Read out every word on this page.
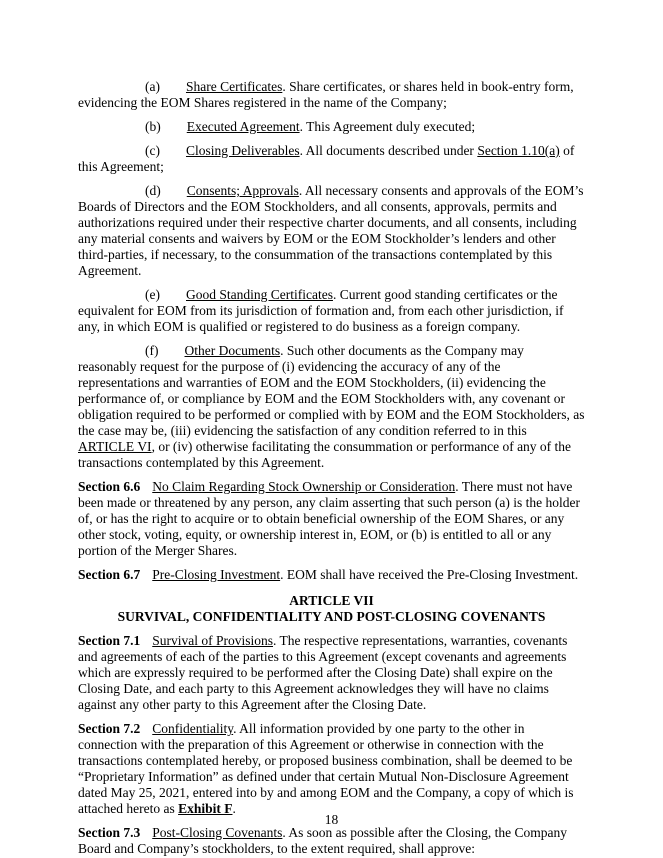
(a) Share Certificates. Share certificates, or shares held in book-entry form, evidencing the EOM Shares registered in the name of the Company;

(b) Executed Agreement. This Agreement duly executed;

(c) Closing Deliverables. All documents described under Section 1.10(a) of this Agreement;

(d) Consents; Approvals. All necessary consents and approvals of the EOM’s Boards of Directors and the EOM Stockholders, and all consents, approvals, permits and authorizations required under their respective charter documents, and all consents, including any material consents and waivers by EOM or the EOM Stockholder’s lenders and other third-parties, if necessary, to the consummation of the transactions contemplated by this Agreement.

(e) Good Standing Certificates. Current good standing certificates or the equivalent for EOM from its jurisdiction of formation and, from each other jurisdiction, if any, in which EOM is qualified or registered to do business as a foreign company.

(f) Other Documents. Such other documents as the Company may reasonably request for the purpose of (i) evidencing the accuracy of any of the representations and warranties of EOM and the EOM Stockholders, (ii) evidencing the performance of, or compliance by EOM and the EOM Stockholders with, any covenant or obligation required to be performed or complied with by EOM and the EOM Stockholders, as the case may be, (iii) evidencing the satisfaction of any condition referred to in this ARTICLE VI, or (iv) otherwise facilitating the consummation or performance of any of the transactions contemplated by this Agreement.

Section 6.6 No Claim Regarding Stock Ownership or Consideration. There must not have been made or threatened by any person, any claim asserting that such person (a) is the holder of, or has the right to acquire or to obtain beneficial ownership of the EOM Shares, or any other stock, voting, equity, or ownership interest in, EOM, or (b) is entitled to all or any portion of the Merger Shares.

Section 6.7 Pre-Closing Investment. EOM shall have received the Pre-Closing Investment.

ARTICLE VII
SURVIVAL, CONFIDENTIALITY AND POST-CLOSING COVENANTS

Section 7.1 Survival of Provisions. The respective representations, warranties, covenants and agreements of each of the parties to this Agreement (except covenants and agreements which are expressly required to be performed after the Closing Date) shall expire on the Closing Date, and each party to this Agreement acknowledges they will have no claims against any other party to this Agreement after the Closing Date.

Section 7.2 Confidentiality. All information provided by one party to the other in connection with the preparation of this Agreement or otherwise in connection with the transactions contemplated hereby, or proposed business combination, shall be deemed to be “Proprietary Information” as defined under that certain Mutual Non-Disclosure Agreement dated May 25, 2021, entered into by and among EOM and the Company, a copy of which is attached hereto as Exhibit F.

Section 7.3 Post-Closing Covenants. As soon as possible after the Closing, the Company Board and Company’s stockholders, to the extent required, shall approve:

18
